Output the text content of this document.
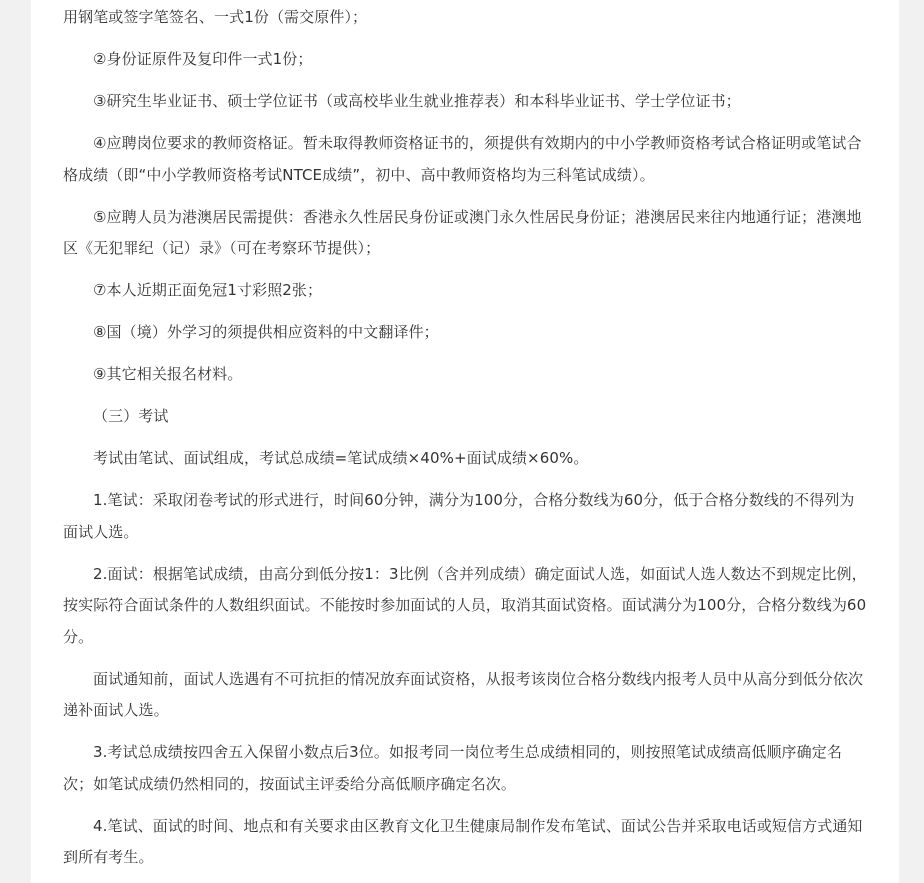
用钢笔或签字笔签名、一式1份（需交原件）；

②身份证原件及复印件一式1份；

③研究生毕业证书、硕士学位证书（或高校毕业生就业推荐表）和本科毕业证书、学士学位证书；

④应聘岗位要求的教师资格证。暂未取得教师资格证书的，须提供有效期内的中小学教师资格考试合格证明或笔试合格成绩（即“中小学教师资格考试NTCE成绩”，初中、高中教师资格均为三科笔试成绩）。

⑤应聘人员为港澳居民需提供：香港永久性居民身份证或澳门永久性居民身份证；港澳居民来往内地通行证；港澳地区《无犯罪纪（记）录》（可在考察环节提供）；

⑦本人近期正面免冠1寸彩照2张；

⑧国（境）外学习的须提供相应资料的中文翻译件；

⑨其它相关报名材料。

（三）考试

考试由笔试、面试组成，考试总成绩=笔试成绩×40%+面试成绩×60%。

1.笔试：采取闭卷考试的形式进行，时间60分钟，满分为100分，合格分数线为60分，低于合格分数线的不得列为面试人选。

2.面试：根据笔试成绩，由高分到低分按1：3比例（含并列成绩）确定面试人选，如面试人选人数达不到规定比例，按实际符合面试条件的人数组织面试。不能按时参加面试的人员，取消其面试资格。面试满分为100分，合格分数线为60分。

面试通知前，面试人选遇有不可抗拒的情况放弃面试资格，从报考该岗位合格分数线内报考人员中从高分到低分依次递补面试人选。

3.考试总成绩按四舍五入保留小数点后3位。如报考同一岗位考生总成绩相同的，则按照笔试成绩高低顺序确定名次；如笔试成绩仍然相同的，按面试主评委给分高低顺序确定名次。

4.笔试、面试的时间、地点和有关要求由区教育文化卫生健康局制作发布笔试、面试公告并采取电话或短信方式通知到所有考生。
